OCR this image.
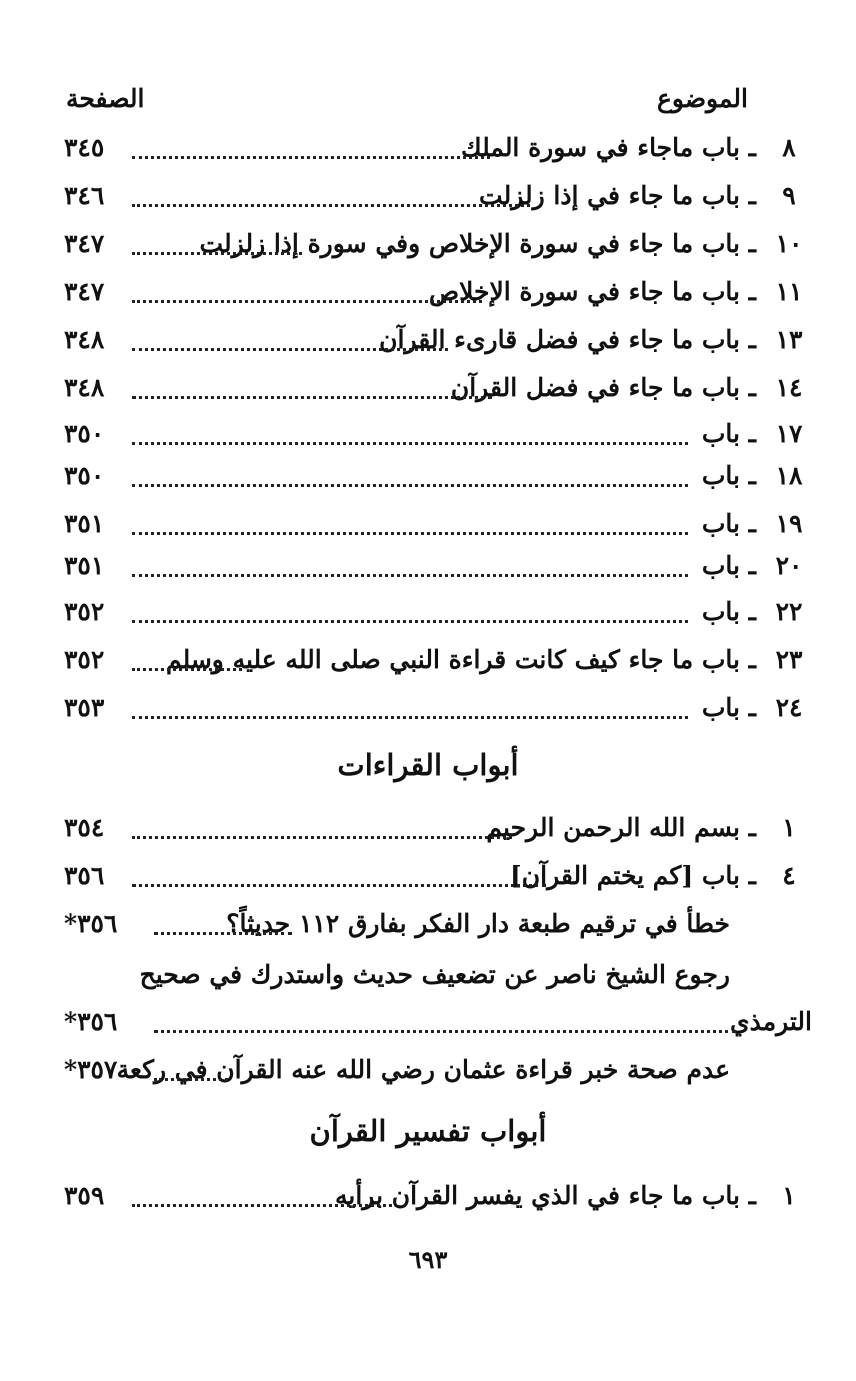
الموضوع
الصفحة
٨
ـ باب ماجاء في سورة الملك
٣٤٥
٩
ـ باب ما جاء في إذا زلزلت
٣٤٦
١٠
ـ باب ما جاء في سورة الإخلاص وفي سورة إذا زلزلت
٣٤٧
١١
ـ باب ما جاء في سورة الإخلاص
٣٤٧
١٣
ـ باب ما جاء في فضل قارىء القرآن
٣٤٨
١٤
ـ باب ما جاء في فضل القرآن
٣٤٨
١٧
ـ باب
٣٥٠
١٨
ـ باب
٣٥٠
١٩
ـ باب
٣٥١
٢٠
ـ باب
٣٥١
٢٢
ـ باب
٣٥٢
٢٣
ـ باب ما جاء كيف كانت قراءة النبي صلى الله عليه وسلم
٣٥٢
٢٤
ـ باب
٣٥٣
أبواب القراءات
١
ـ بسم الله الرحمن الرحيم
٣٥٤
٤
ـ باب [كم يختم القرآن]
٣٥٦
خطأ في ترقيم طبعة دار الفكر بفارق ١١٢ حديثاً؟
٣٥٦*
رجوع الشيخ ناصر عن تضعيف حديث واستدرك في صحيح
الترمذي
٣٥٦*
عدم صحة خبر قراءة عثمان رضي الله عنه القرآن في ركعة
٣٥٧*
أبواب تفسير القرآن
١
ـ باب ما جاء في الذي يفسر القرآن برأيه
٣٥٩
٦٩٣
